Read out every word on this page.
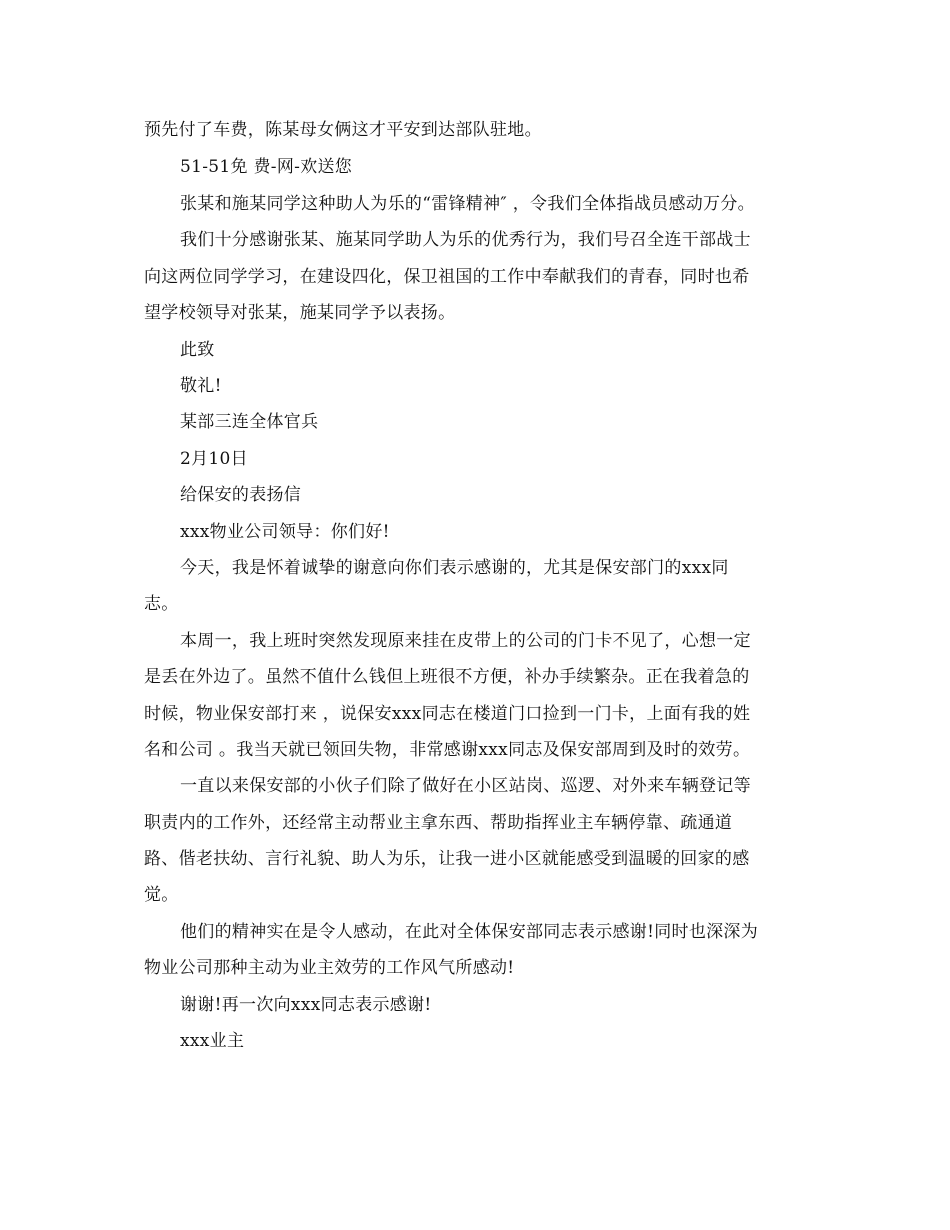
预先付了车费，陈某母女俩这才平安到达部队驻地。
51-51免 费-网-欢送您
张某和施某同学这种助人为乐的“雷锋精神″ ，令我们全体指战员感动万分。
我们十分感谢张某、施某同学助人为乐的优秀行为，我们号召全连干部战士
向这两位同学学习，在建设四化，保卫祖国的工作中奉献我们的青春，同时也希
望学校领导对张某，施某同学予以表扬。
此致
敬礼!
某部三连全体官兵
2月10日
给保安的表扬信
xxx物业公司领导：你们好!
今天，我是怀着诚挚的谢意向你们表示感谢的，尤其是保安部门的xxx同
志。
本周一，我上班时突然发现原来挂在皮带上的公司的门卡不见了，心想一定
是丢在外边了。虽然不值什么钱但上班很不方便，补办手续繁杂。正在我着急的
时候，物业保安部打来 ，说保安xxx同志在楼道门口捡到一门卡，上面有我的姓
名和公司 。我当天就已领回失物，非常感谢xxx同志及保安部周到及时的效劳。
一直以来保安部的小伙子们除了做好在小区站岗、巡逻、对外来车辆登记等
职责内的工作外，还经常主动帮业主拿东西、帮助指挥业主车辆停靠、疏通道
路、偕老扶幼、言行礼貌、助人为乐，让我一进小区就能感受到温暖的回家的感
觉。
他们的精神实在是令人感动，在此对全体保安部同志表示感谢!同时也深深为
物业公司那种主动为业主效劳的工作风气所感动!
谢谢!再一次向xxx同志表示感谢!
xxx业主
